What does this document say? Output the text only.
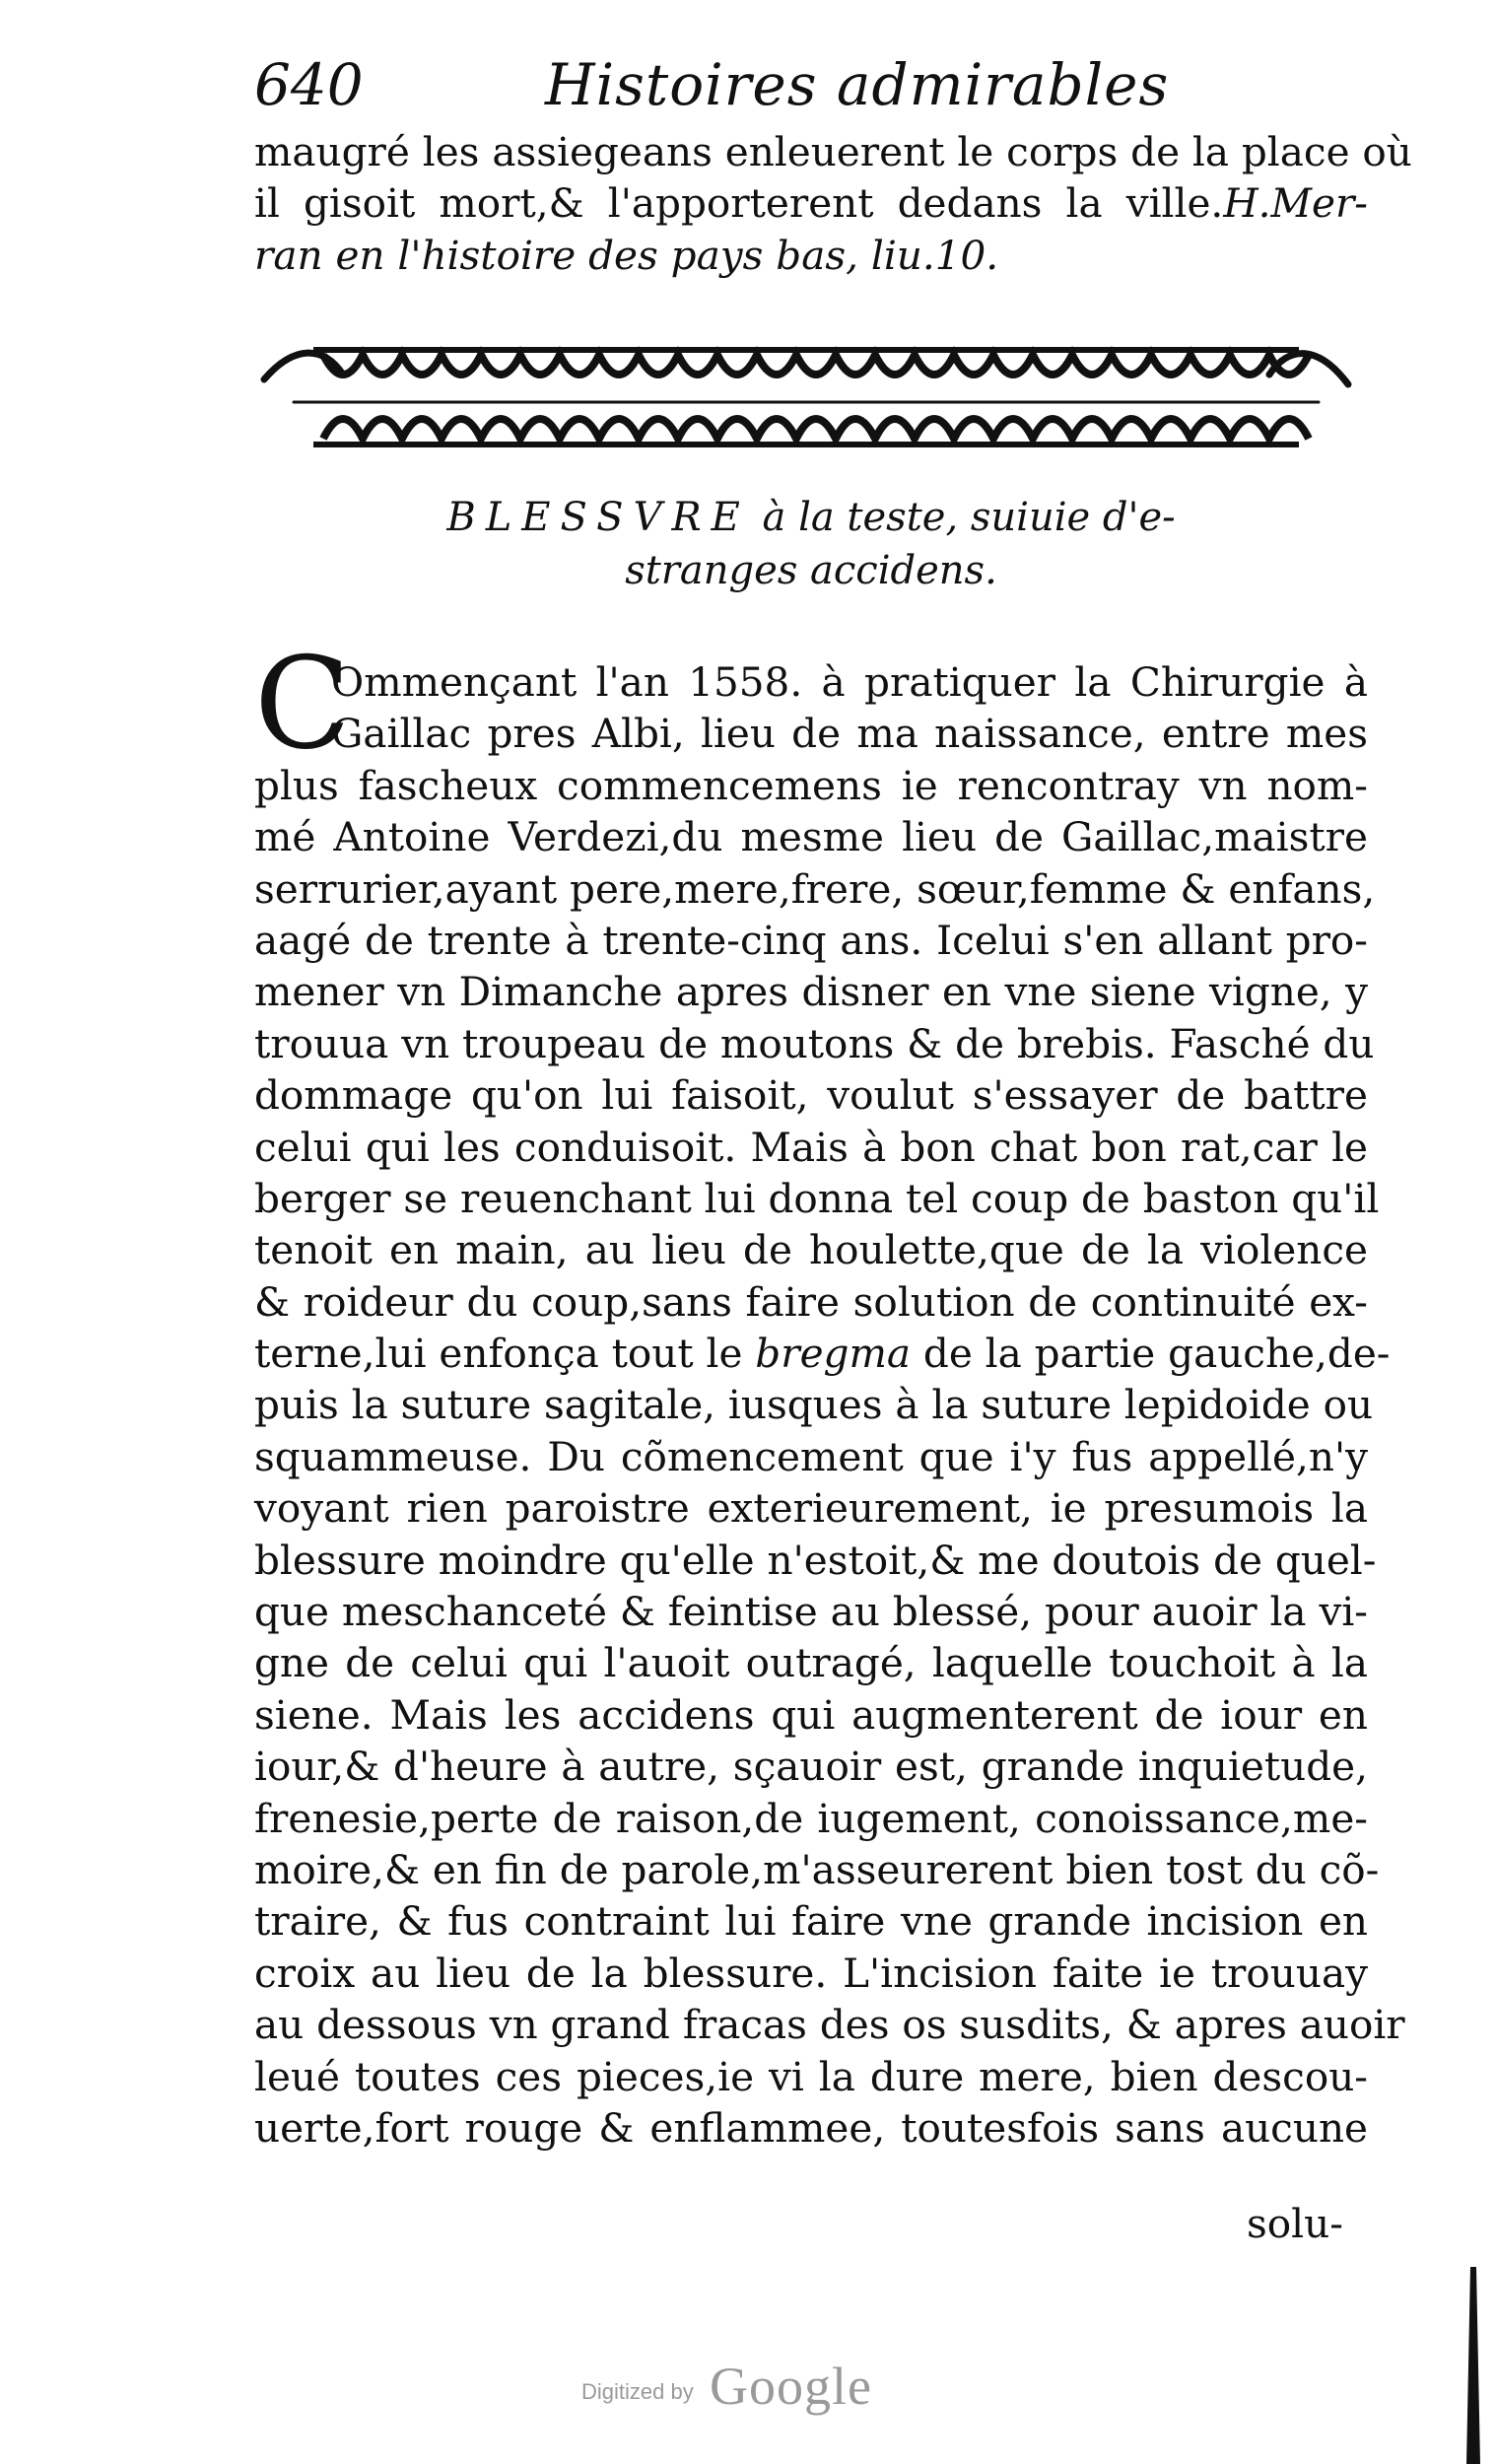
640	Histoires admirables
maugré les assiegeans enleuerent le corps de la place où
il gisoit mort,& l'apporterent dedans la ville.H.Mer-
ran en l'histoire des pays bas, liu.10.
BLESSVRE à la teste, suiuie d'e-
stranges accidens.
C
Ommençant l'an 1558. à pratiquer la Chirurgie à
Gaillac pres Albi, lieu de ma naissance, entre mes
plus fascheux commencemens ie rencontray vn nom-
mé Antoine Verdezi,du mesme lieu de Gaillac,maistre
serrurier,ayant pere,mere,frere, sœur,femme & enfans,
aagé de trente à trente-cinq ans. Icelui s'en allant pro-
mener vn Dimanche apres disner en vne siene vigne, y
trouua vn troupeau de moutons & de brebis. Fasché du
dommage qu'on lui faisoit, voulut s'essayer de battre
celui qui les conduisoit. Mais à bon chat bon rat,car le
berger se reuenchant lui donna tel coup de baston qu'il
tenoit en main, au lieu de houlette,que de la violence
& roideur du coup,sans faire solution de continuité ex-
terne,lui enfonça tout le bregma de la partie gauche,de-
puis la suture sagitale, iusques à la suture lepidoide ou
squammeuse. Du cõmencement que i'y fus appellé,n'y
voyant rien paroistre exterieurement, ie presumois la
blessure moindre qu'elle n'estoit,& me doutois de quel-
que meschanceté & feintise au blessé, pour auoir la vi-
gne de celui qui l'auoit outragé, laquelle touchoit à la
siene. Mais les accidens qui augmenterent de iour en
iour,& d'heure à autre, sçauoir est, grande inquietude,
frenesie,perte de raison,de iugement, conoissance,me-
moire,& en fin de parole,m'asseurerent bien tost du cõ-
traire, & fus contraint lui faire vne grande incision en
croix au lieu de la blessure. L'incision faite ie trouuay
au dessous vn grand fracas des os susdits, & apres auoir
leué toutes ces pieces,ie vi la dure mere, bien descou-
uerte,fort rouge & enflammee, toutesfois sans aucune
solu-
Digitized by Google
